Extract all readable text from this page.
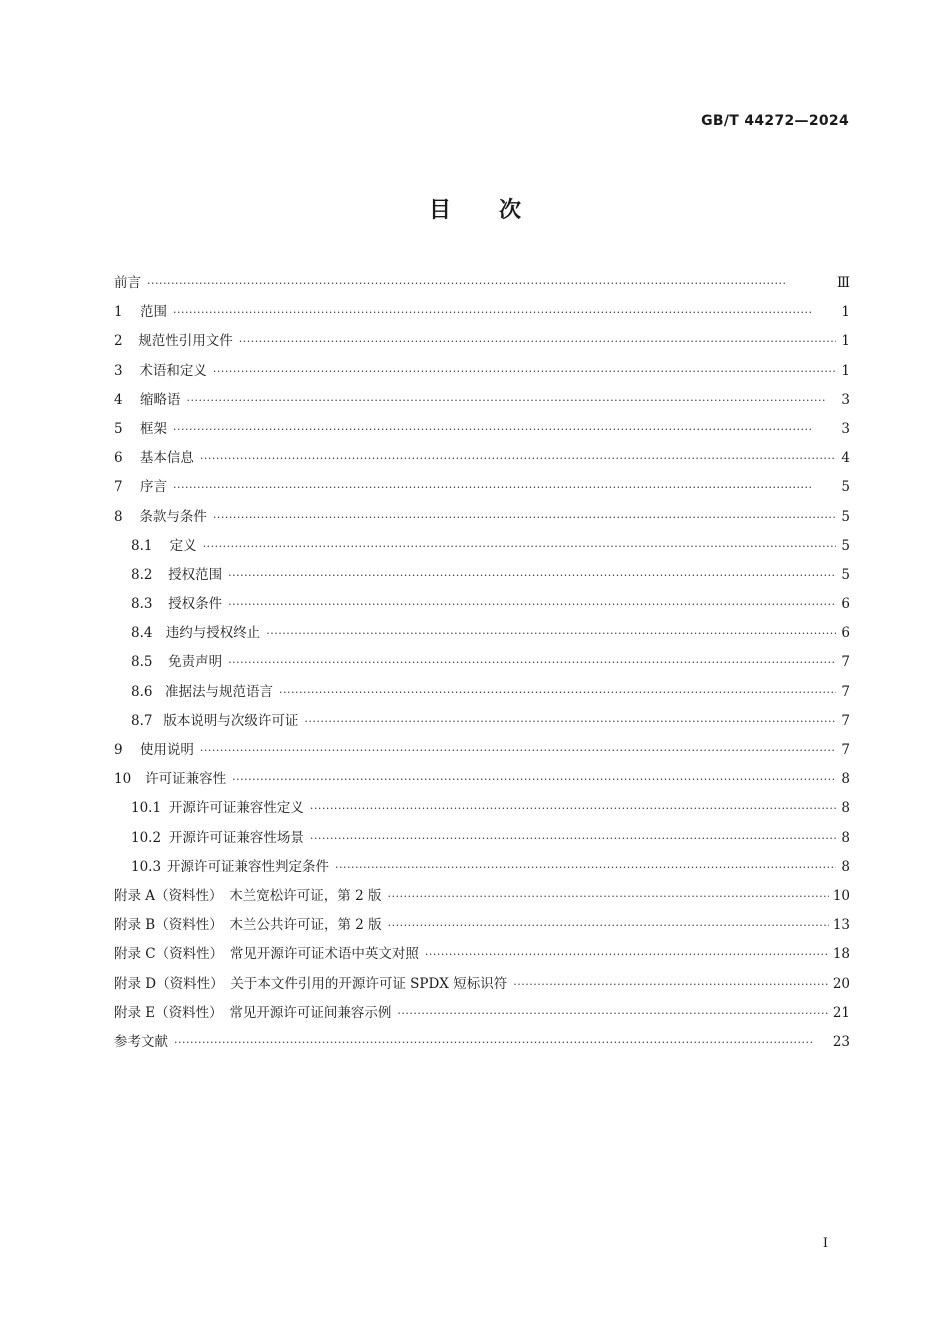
GB/T 44272—2024
目次
前言 ·····	Ⅲ
1	范围 ·····	1
2	规范性引用文件 ·····	1
3	术语和定义 ·····	1
4	缩略语 ·····	3
5	框架 ·····	3
6	基本信息 ·····	4
7	序言 ·····	5
8	条款与条件 ·····	5
8.1	定义 ·····	5
8.2	授权范围 ·····	5
8.3	授权条件 ·····	6
8.4 违约与授权终止 ·····	6
8.5	免责声明 ·····	7
8.6 准据法与规范语言 ·····	7
8.7 版本说明与次级许可证 ·····	7
9	使用说明 ·····	7
10	许可证兼容性 ·····	8
10.1 开源许可证兼容性定义 ·····	8
10.2 开源许可证兼容性场景 ·····	8
10.3 开源许可证兼容性判定条件 ·····	8
附录 A（资料性）　木兰宽松许可证，第 2 版 ·····	10
附录 B（资料性）　木兰公共许可证，第 2 版 ·····	13
附录 C（资料性）　常见开源许可证术语中英文对照 ·····	18
附录 D（资料性）　关于本文件引用的开源许可证 SPDX 短标识符 ·····	20
附录 E（资料性）　常见开源许可证间兼容示例 ·····	21
参考文献 ·····	23
Ⅰ
